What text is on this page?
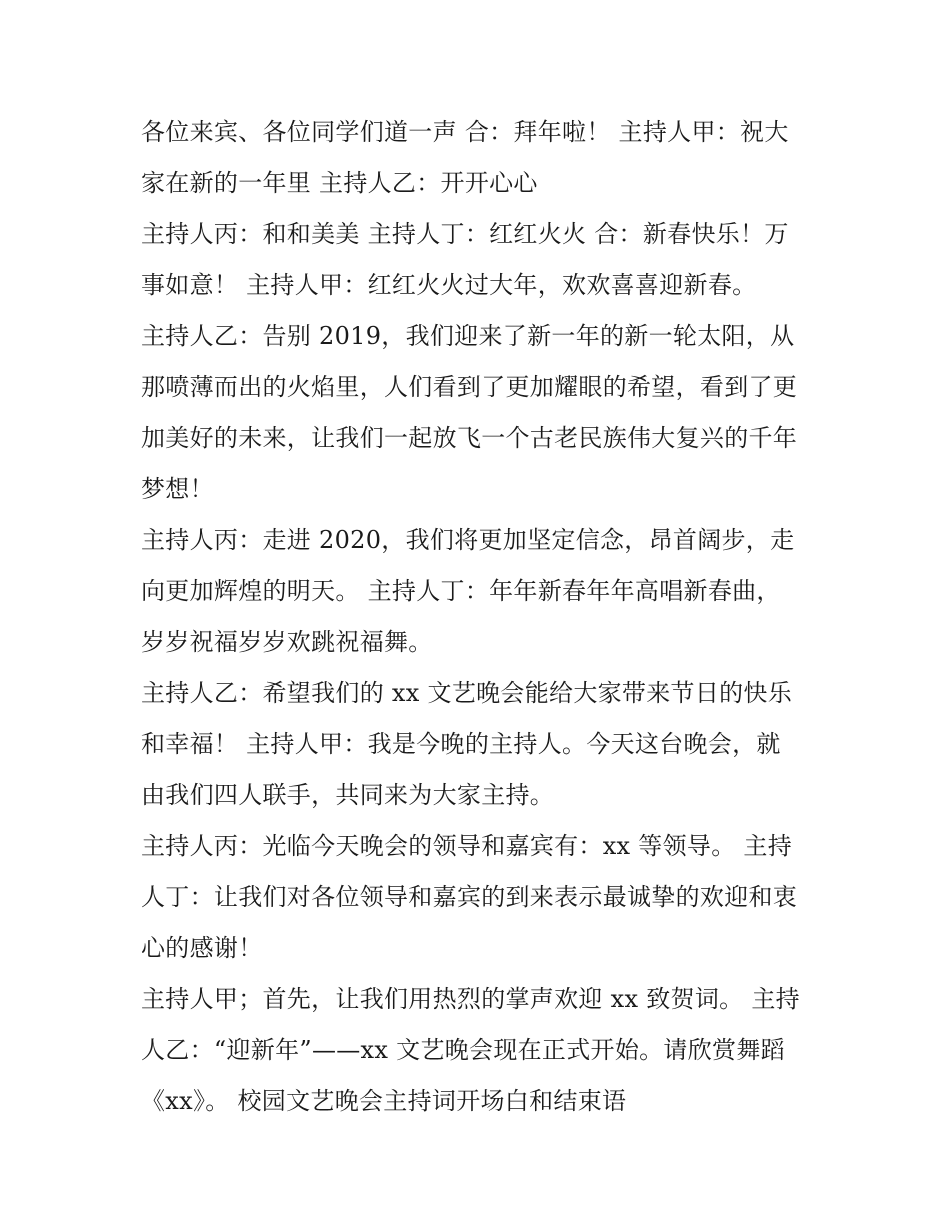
各位来宾、各位同学们道一声 合：拜年啦！ 主持人甲：祝大
家在新的一年里 主持人乙：开开心心
主持人丙：和和美美 主持人丁：红红火火 合：新春快乐！万
事如意！ 主持人甲：红红火火过大年，欢欢喜喜迎新春。
主持人乙：告别 2019，我们迎来了新一年的新一轮太阳，从
那喷薄而出的火焰里，人们看到了更加耀眼的希望，看到了更
加美好的未来，让我们一起放飞一个古老民族伟大复兴的千年
梦想！
主持人丙：走进 2020，我们将更加坚定信念，昂首阔步，走
向更加辉煌的明天。 主持人丁：年年新春年年高唱新春曲，
岁岁祝福岁岁欢跳祝福舞。
主持人乙：希望我们的 xx 文艺晚会能给大家带来节日的快乐
和幸福！ 主持人甲：我是今晚的主持人。今天这台晚会，就
由我们四人联手，共同来为大家主持。
主持人丙：光临今天晚会的领导和嘉宾有：xx 等领导。 主持
人丁：让我们对各位领导和嘉宾的到来表示最诚挚的欢迎和衷
心的感谢！
主持人甲；首先，让我们用热烈的掌声欢迎 xx 致贺词。 主持
人乙：“迎新年”——xx 文艺晚会现在正式开始。请欣赏舞蹈
《xx》。 校园文艺晚会主持词开场白和结束语
